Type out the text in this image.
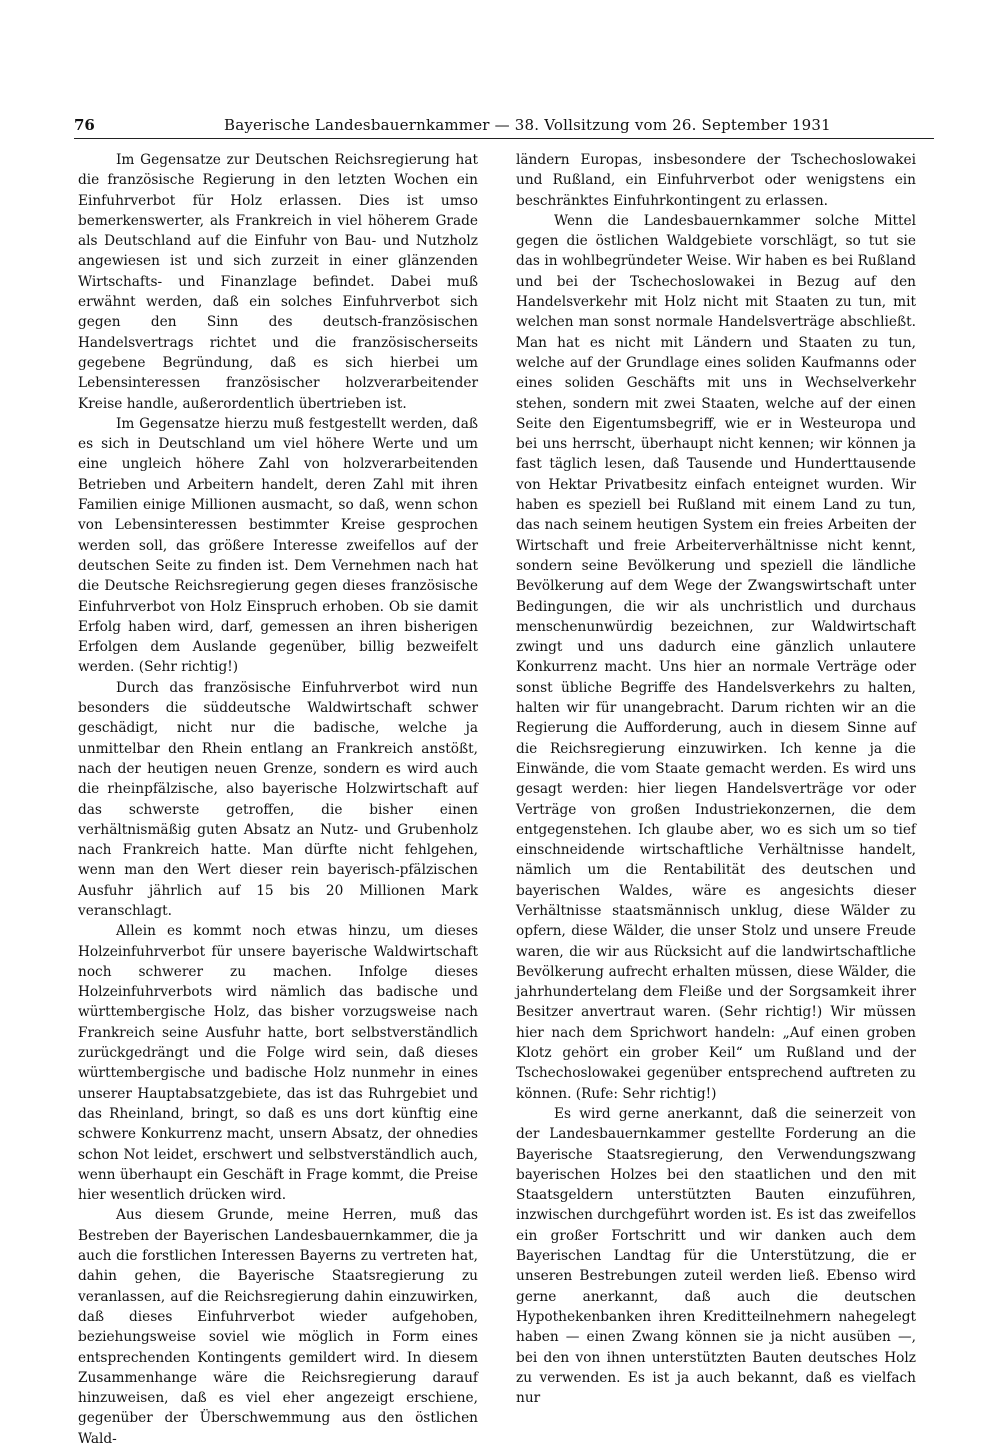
76	Bayerische Landesbauernkammer — 38. Vollsitzung vom 26. September 1931

Im Gegensatze zur Deutschen Reichsregierung hat die französische Regierung in den letzten Wochen ein Einfuhrverbot für Holz erlassen. Dies ist umso bemerkenswerter, als Frankreich in viel höherem Grade als Deutschland auf die Einfuhr von Bau- und Nutzholz angewiesen ist und sich zurzeit in einer glänzenden Wirtschafts- und Finanzlage befindet. Dabei muß erwähnt werden, daß ein solches Einfuhrverbot sich gegen den Sinn des deutsch-französischen Handelsvertrags richtet und die französischerseits gegebene Begründung, daß es sich hierbei um Lebensinteressen französischer holzverarbeitender Kreise handle, außerordentlich übertrieben ist.

Im Gegensatze hierzu muß festgestellt werden, daß es sich in Deutschland um viel höhere Werte und um eine ungleich höhere Zahl von holzverarbeitenden Betrieben und Arbeitern handelt, deren Zahl mit ihren Familien einige Millionen ausmacht, so daß, wenn schon von Lebensinteressen bestimmter Kreise gesprochen werden soll, das größere Interesse zweifellos auf der deutschen Seite zu finden ist. Dem Vernehmen nach hat die Deutsche Reichsregierung gegen dieses französische Einfuhrverbot von Holz Einspruch erhoben. Ob sie damit Erfolg haben wird, darf, gemessen an ihren bisherigen Erfolgen dem Auslande gegenüber, billig bezweifelt werden. (Sehr richtig!)

Durch das französische Einfuhrverbot wird nun besonders die süddeutsche Waldwirtschaft schwer geschädigt, nicht nur die badische, welche ja unmittelbar den Rhein entlang an Frankreich anstößt, nach der heutigen neuen Grenze, sondern es wird auch die rheinpfälzische, also bayerische Holzwirtschaft auf das schwerste getroffen, die bisher einen verhältnismäßig guten Absatz an Nutz- und Grubenholz nach Frankreich hatte. Man dürfte nicht fehlgehen, wenn man den Wert dieser rein bayerisch-pfälzischen Ausfuhr jährlich auf 15 bis 20 Millionen Mark veranschlagt.

Allein es kommt noch etwas hinzu, um dieses Holzeinfuhrverbot für unsere bayerische Waldwirtschaft noch schwerer zu machen. Infolge dieses Holzeinfuhrverbots wird nämlich das badische und württembergische Holz, das bisher vorzugsweise nach Frankreich seine Ausfuhr hatte, bort selbstverständlich zurückgedrängt und die Folge wird sein, daß dieses württembergische und badische Holz nunmehr in eines unserer Hauptabsatzgebiete, das ist das Ruhrgebiet und das Rheinland, bringt, so daß es uns dort künftig eine schwere Konkurrenz macht, unsern Absatz, der ohnedies schon Not leidet, erschwert und selbstverständlich auch, wenn überhaupt ein Geschäft in Frage kommt, die Preise hier wesentlich drücken wird.

Aus diesem Grunde, meine Herren, muß das Bestreben der Bayerischen Landesbauernkammer, die ja auch die forstlichen Interessen Bayerns zu vertreten hat, dahin gehen, die Bayerische Staatsregierung zu veranlassen, auf die Reichsregierung dahin einzuwirken, daß dieses Einfuhrverbot wieder aufgehoben, beziehungsweise soviel wie möglich in Form eines entsprechenden Kontingents gemildert wird. In diesem Zusammenhange wäre die Reichsregierung darauf hinzuweisen, daß es viel eher angezeigt erschiene, gegenüber der Überschwemmung aus den östlichen Wald-

ländern Europas, insbesondere der Tschechoslowakei und Rußland, ein Einfuhrverbot oder wenigstens ein beschränktes Einfuhrkontingent zu erlassen.

Wenn die Landesbauernkammer solche Mittel gegen die östlichen Waldgebiete vorschlägt, so tut sie das in wohlbegründeter Weise. Wir haben es bei Rußland und bei der Tschechoslowakei in Bezug auf den Handelsverkehr mit Holz nicht mit Staaten zu tun, mit welchen man sonst normale Handelsverträge abschließt. Man hat es nicht mit Ländern und Staaten zu tun, welche auf der Grundlage eines soliden Kaufmanns oder eines soliden Geschäfts mit uns in Wechselverkehr stehen, sondern mit zwei Staaten, welche auf der einen Seite den Eigentumsbegriff, wie er in Westeuropa und bei uns herrscht, überhaupt nicht kennen; wir können ja fast täglich lesen, daß Tausende und Hunderttausende von Hektar Privatbesitz einfach enteignet wurden. Wir haben es speziell bei Rußland mit einem Land zu tun, das nach seinem heutigen System ein freies Arbeiten der Wirtschaft und freie Arbeiterverhältnisse nicht kennt, sondern seine Bevölkerung und speziell die ländliche Bevölkerung auf dem Wege der Zwangswirtschaft unter Bedingungen, die wir als unchristlich und durchaus menschenunwürdig bezeichnen, zur Waldwirtschaft zwingt und uns dadurch eine gänzlich unlautere Konkurrenz macht. Uns hier an normale Verträge oder sonst übliche Begriffe des Handelsverkehrs zu halten, halten wir für unangebracht. Darum richten wir an die Regierung die Aufforderung, auch in diesem Sinne auf die Reichsregierung einzuwirken. Ich kenne ja die Einwände, die vom Staate gemacht werden. Es wird uns gesagt werden: hier liegen Handelsverträge vor oder Verträge von großen Industriekonzernen, die dem entgegenstehen. Ich glaube aber, wo es sich um so tief einschneidende wirtschaftliche Verhältnisse handelt, nämlich um die Rentabilität des deutschen und bayerischen Waldes, wäre es angesichts dieser Verhältnisse staatsmännisch unklug, diese Wälder zu opfern, diese Wälder, die unser Stolz und unsere Freude waren, die wir aus Rücksicht auf die landwirtschaftliche Bevölkerung aufrecht erhalten müssen, diese Wälder, die jahrhundertelang dem Fleiße und der Sorgsamkeit ihrer Besitzer anvertraut waren. (Sehr richtig!) Wir müssen hier nach dem Sprichwort handeln: „Auf einen groben Klotz gehört ein grober Keil“ um Rußland und der Tschechoslowakei gegenüber entsprechend auftreten zu können. (Rufe: Sehr richtig!)

Es wird gerne anerkannt, daß die seinerzeit von der Landesbauernkammer gestellte Forderung an die Bayerische Staatsregierung, den Verwendungszwang bayerischen Holzes bei den staatlichen und den mit Staatsgeldern unterstützten Bauten einzuführen, inzwischen durchgeführt worden ist. Es ist das zweifellos ein großer Fortschritt und wir danken auch dem Bayerischen Landtag für die Unterstützung, die er unseren Bestrebungen zuteil werden ließ. Ebenso wird gerne anerkannt, daß auch die deutschen Hypothekenbanken ihren Kreditteilnehmern nahegelegt haben — einen Zwang können sie ja nicht ausüben —, bei den von ihnen unterstützten Bauten deutsches Holz zu verwenden. Es ist ja auch bekannt, daß es vielfach nur
